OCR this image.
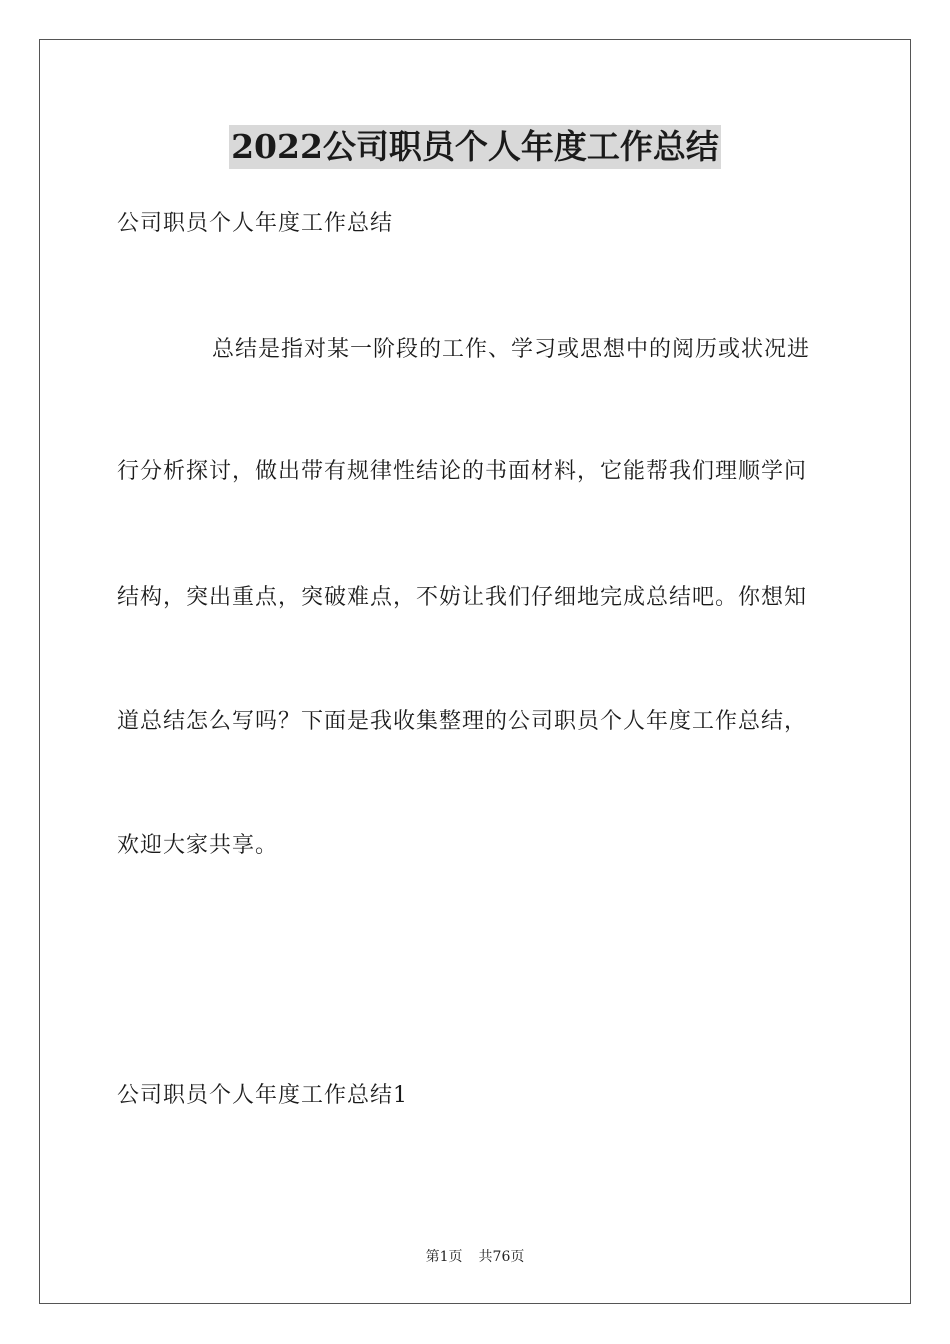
2022公司职员个人年度工作总结
公司职员个人年度工作总结
总结是指对某一阶段的工作、学习或思想中的阅历或状况进
行分析探讨，做出带有规律性结论的书面材料，它能帮我们理顺学问
结构，突出重点，突破难点，不妨让我们仔细地完成总结吧。你想知
道总结怎么写吗？下面是我收集整理的公司职员个人年度工作总结，
欢迎大家共享。
公司职员个人年度工作总结1
第1页 共76页
